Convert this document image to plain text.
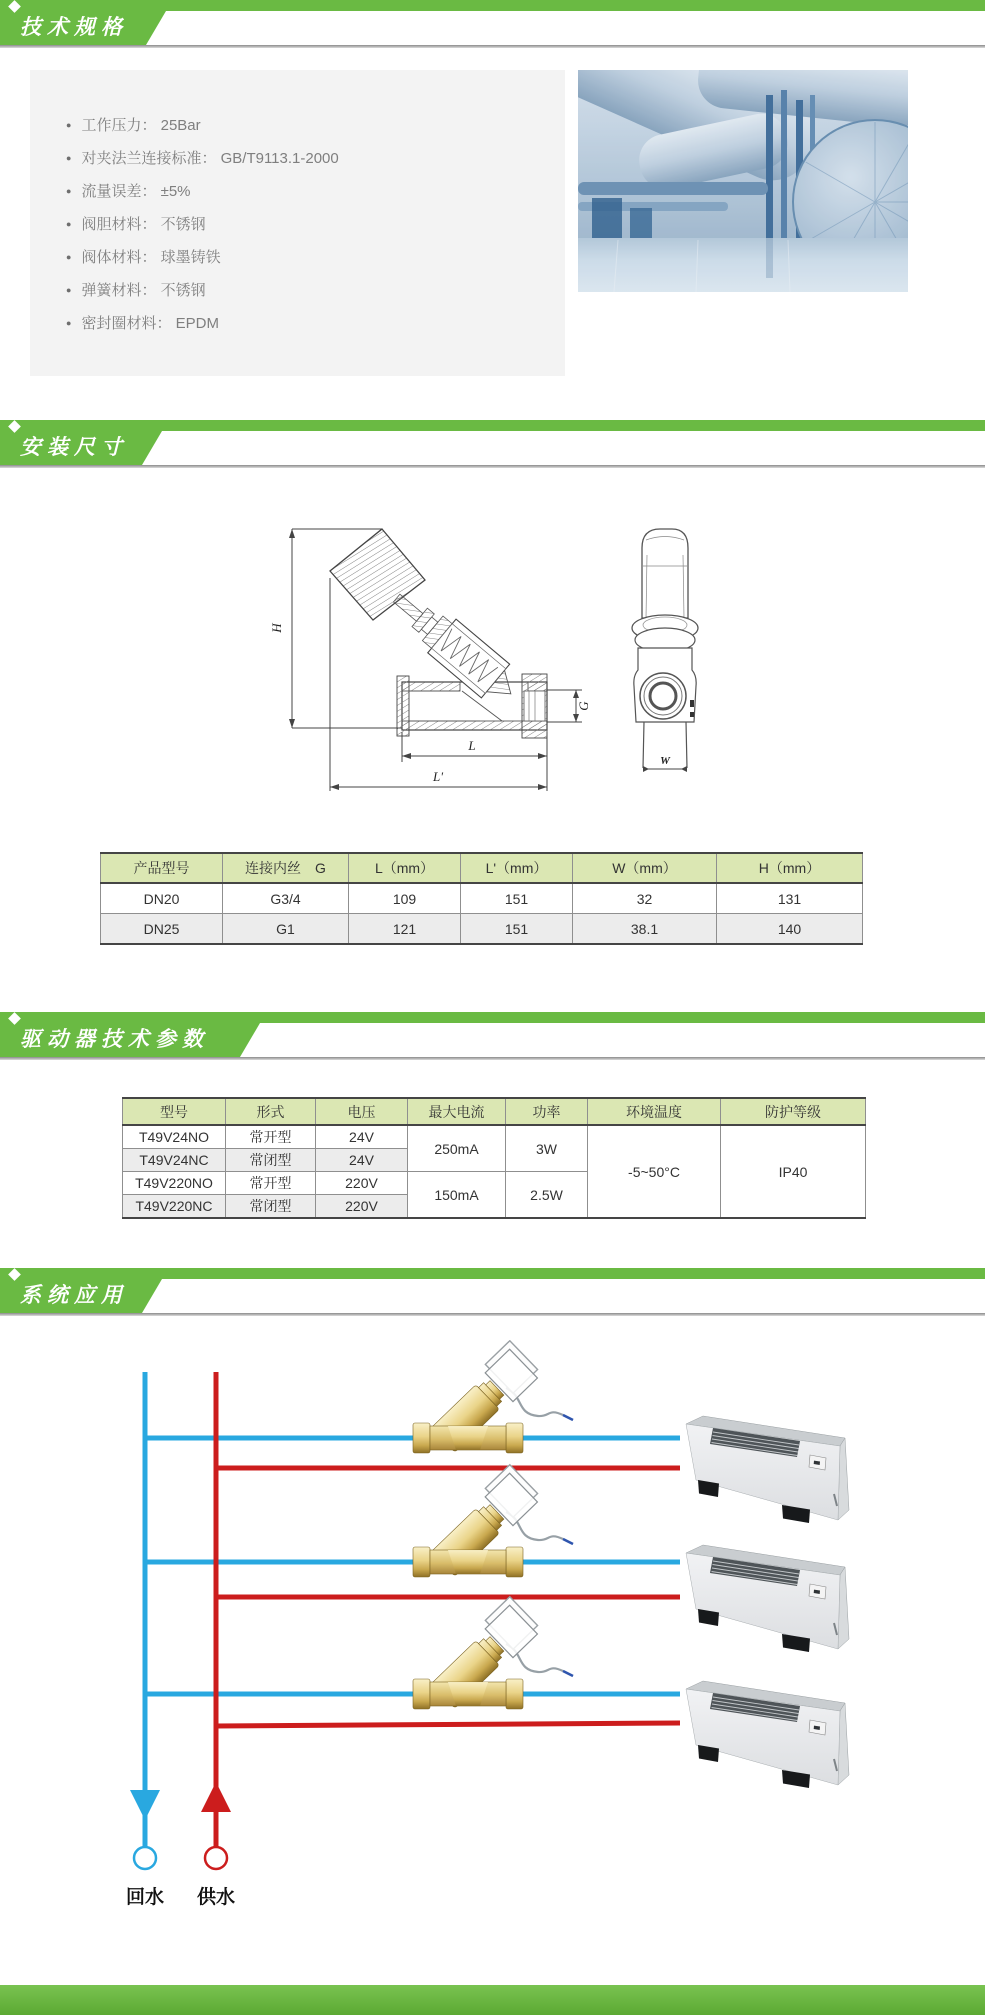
技术规格
● 工作压力： 25Bar
● 对夹法兰连接标准： GB/T9113.1-2000
● 流量误差： ±5%
● 阀胆材料： 不锈钢
● 阀体材料： 球墨铸铁
● 弹簧材料： 不锈钢
● 密封圈材料： EPDM
安装尺寸
H
G
L
L'
W
产品型号	连接内丝　G	L（mm）	L'（mm）	W（mm）	H（mm）
DN20	G3/4	109	151	32	131
DN25	G1	121	151	38.1	140
驱动器技术参数
型号	形式	电压	最大电流	功率	环境温度	防护等级
T49V24NO	常开型	24V	250mA	3W	-5~50°C	IP40
T49V24NC	常闭型	24V				
T49V220NO	常开型	220V	150mA	2.5W		
T49V220NC	常闭型	220V				
系统应用
回水 供水
